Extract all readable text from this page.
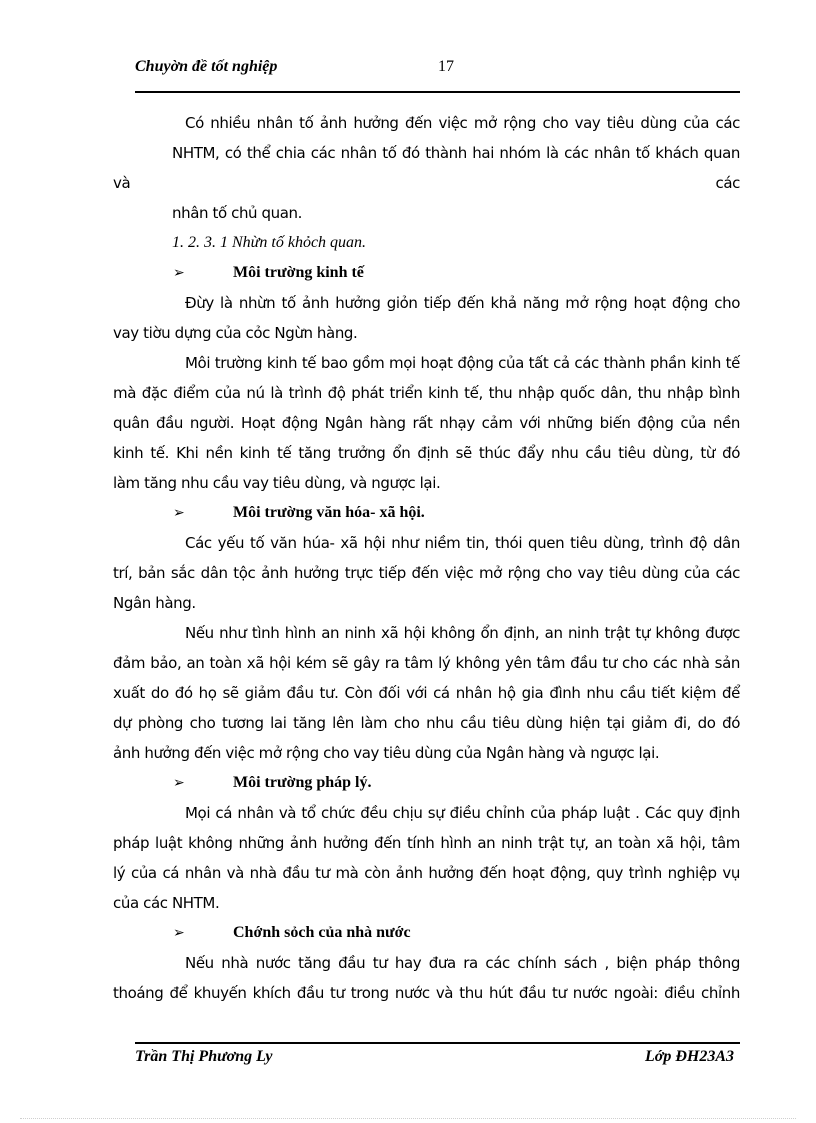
Chuyờn đề tốt nghiệp	17
Có nhiều nhân tố ảnh hưởng đến việc mở rộng cho vay tiêu dùng của các
NHTM, có thể chia các nhân tố đó thành hai nhóm là các nhân tố khách quan
và	các
nhân tố chủ quan.
1. 2. 3. 1 Nhừn tố khỏch quan.
➢	Môi trường kinh tế
Đừy là nhừn tố ảnh hưởng giỏn tiếp đến khả năng mở rộng hoạt động cho
vay tiờu dựng của cỏc Ngừn hàng.
Môi trường kinh tế bao gồm mọi hoạt động của tất cả các thành phần kinh tế
mà đặc điểm của nú là trình độ phát triển kinh tế, thu nhập quốc dân, thu nhập bình
quân đầu người. Hoạt động Ngân hàng rất nhạy cảm với những biến động của nền
kinh tế. Khi nền kinh tế tăng trưởng ổn định sẽ thúc đẩy nhu cầu tiêu dùng, từ đó
làm tăng nhu cầu vay tiêu dùng, và ngược lại.
➢	Môi trường văn hóa- xã hội.
Các yếu tố văn húa- xã hội như niềm tin, thói quen tiêu dùng, trình độ dân
trí, bản sắc dân tộc ảnh hưởng trực tiếp đến việc mở rộng cho vay tiêu dùng của các
Ngân hàng.
Nếu như tình hình an ninh xã hội không ổn định, an ninh trật tự không được
đảm bảo, an toàn xã hội kém sẽ gây ra tâm lý không yên tâm đầu tư cho các nhà sản
xuất do đó họ sẽ giảm đầu tư. Còn đối với cá nhân hộ gia đình nhu cầu tiết kiệm để
dự phòng cho tương lai tăng lên làm cho nhu cầu tiêu dùng hiện tại giảm đi, do đó
ảnh hưởng đến việc mở rộng cho vay tiêu dùng của Ngân hàng và ngược lại.
➢	Môi trường pháp lý.
Mọi cá nhân và tổ chức đều chịu sự điều chỉnh của pháp luật . Các quy định
pháp luật không những ảnh hưởng đến tính hình an ninh trật tự, an toàn xã hội, tâm
lý của cá nhân và nhà đầu tư mà còn ảnh hưởng đến hoạt động, quy trình nghiệp vụ
của các NHTM.
➢	Chớnh sỏch của nhà nước
Nếu nhà nước tăng đầu tư hay đưa ra các chính sách , biện pháp thông
thoáng để khuyến khích đầu tư trong nước và thu hút đầu tư nước ngoài: điều chỉnh
Trần Thị Phương Ly	Lớp ĐH23A3
